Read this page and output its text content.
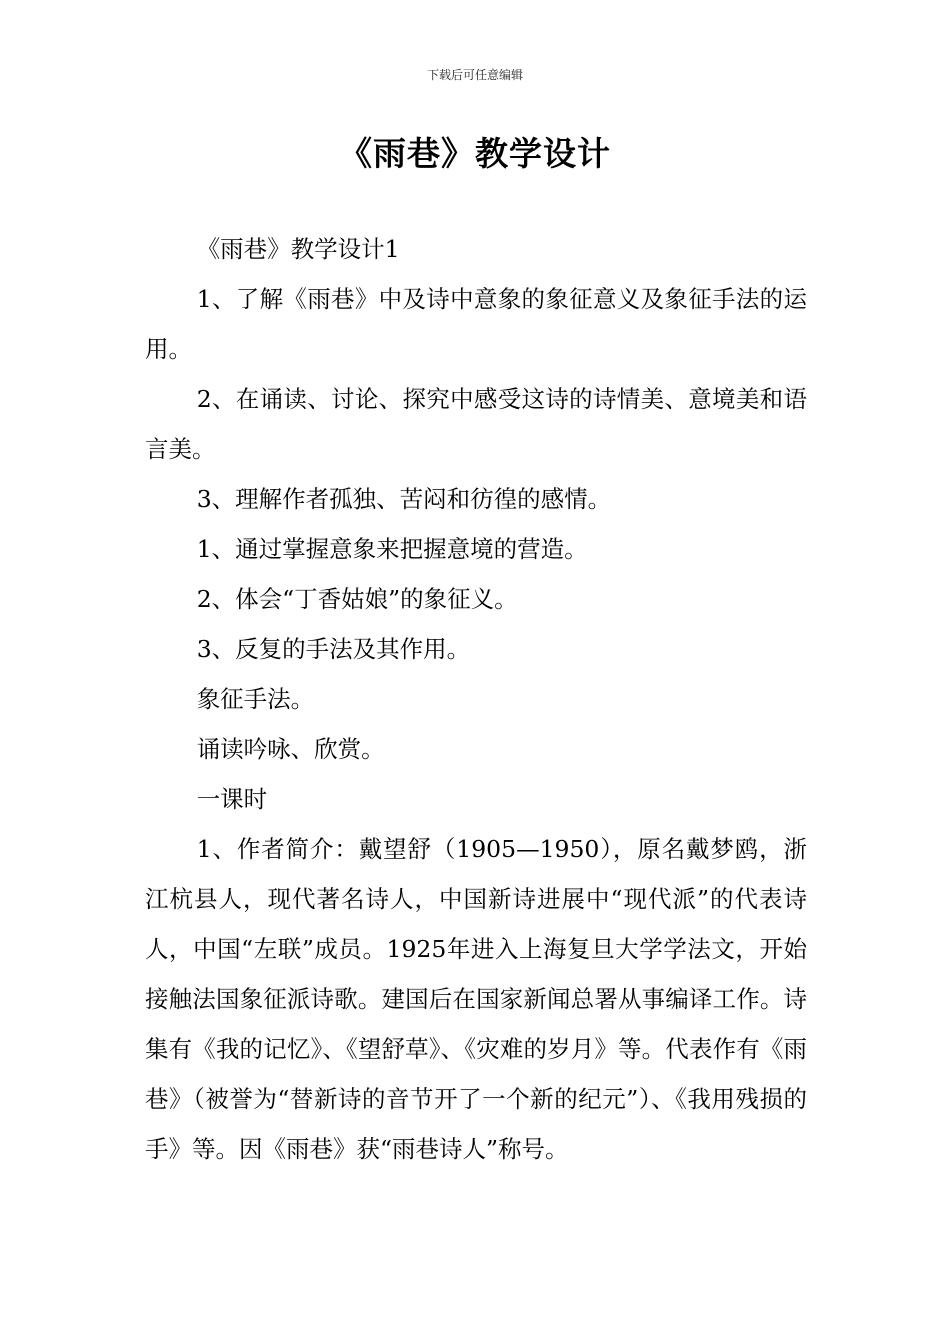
下载后可任意编辑
《雨巷》教学设计

《雨巷》教学设计1

1、了解《雨巷》中及诗中意象的象征意义及象征手法的运用。

2、在诵读、讨论、探究中感受这诗的诗情美、意境美和语言美。

3、理解作者孤独、苦闷和彷徨的感情。

1、通过掌握意象来把握意境的营造。

2、体会“丁香姑娘”的象征义。

3、反复的手法及其作用。

象征手法。

诵读吟咏、欣赏。

一课时

1、作者简介：戴望舒（1905—1950），原名戴梦鸥，浙江杭县人，现代著名诗人，中国新诗进展中“现代派”的代表诗人，中国“左联”成员。1925年进入上海复旦大学学法文，开始接触法国象征派诗歌。建国后在国家新闻总署从事编译工作。诗集有《我的记忆》、《望舒草》、《灾难的岁月》等。代表作有《雨巷》（被誉为“替新诗的音节开了一个新的纪元”）、《我用残损的手》等。因《雨巷》获“雨巷诗人”称号。
